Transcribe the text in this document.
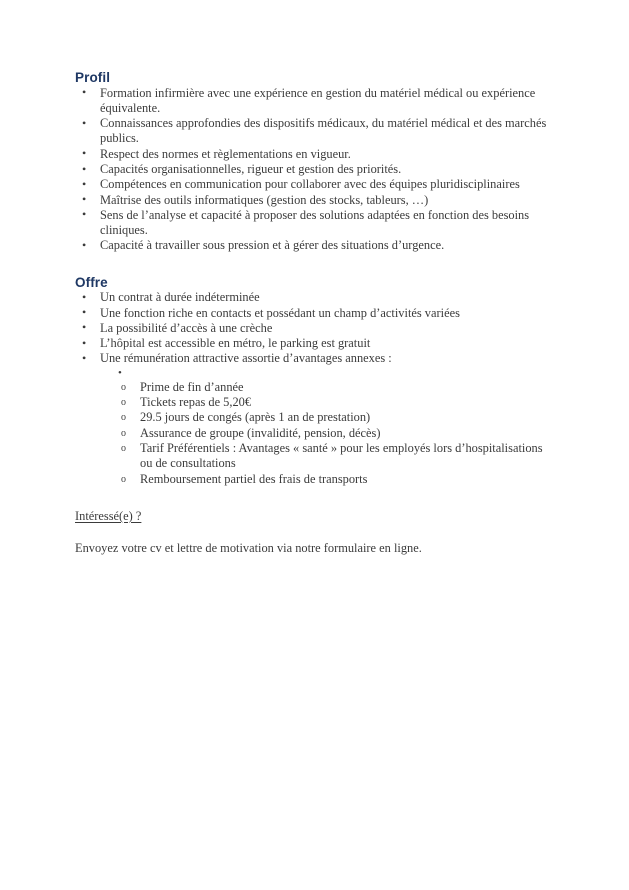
Profil
• Formation infirmière avec une expérience en gestion du matériel médical ou expérience équivalente.
• Connaissances approfondies des dispositifs médicaux, du matériel médical et des marchés publics.
• Respect des normes et règlementations en vigueur.
• Capacités organisationnelles, rigueur et gestion des priorités.
• Compétences en communication pour collaborer avec des équipes pluridisciplinaires
• Maîtrise des outils informatiques (gestion des stocks, tableurs, …)
• Sens de l’analyse et capacité à proposer des solutions adaptées en fonction des besoins cliniques.
• Capacité à travailler sous pression et à gérer des situations d’urgence.
Offre
• Un contrat à durée indéterminée
• Une fonction riche en contacts et possédant un champ d’activités variées
• La possibilité d’accès à une crèche
• L’hôpital est accessible en métro, le parking est gratuit
• Une rémunération attractive assortie d’avantages annexes :
•
o Prime de fin d’année
o Tickets repas de 5,20€
o 29.5 jours de congés (après 1 an de prestation)
o Assurance de groupe (invalidité, pension, décès)
o Tarif Préférentiels : Avantages « santé » pour les employés lors d’hospitalisations ou de consultations
o Remboursement partiel des frais de transports
Intéressé(e) ?
Envoyez votre cv et lettre de motivation via notre formulaire en ligne.
